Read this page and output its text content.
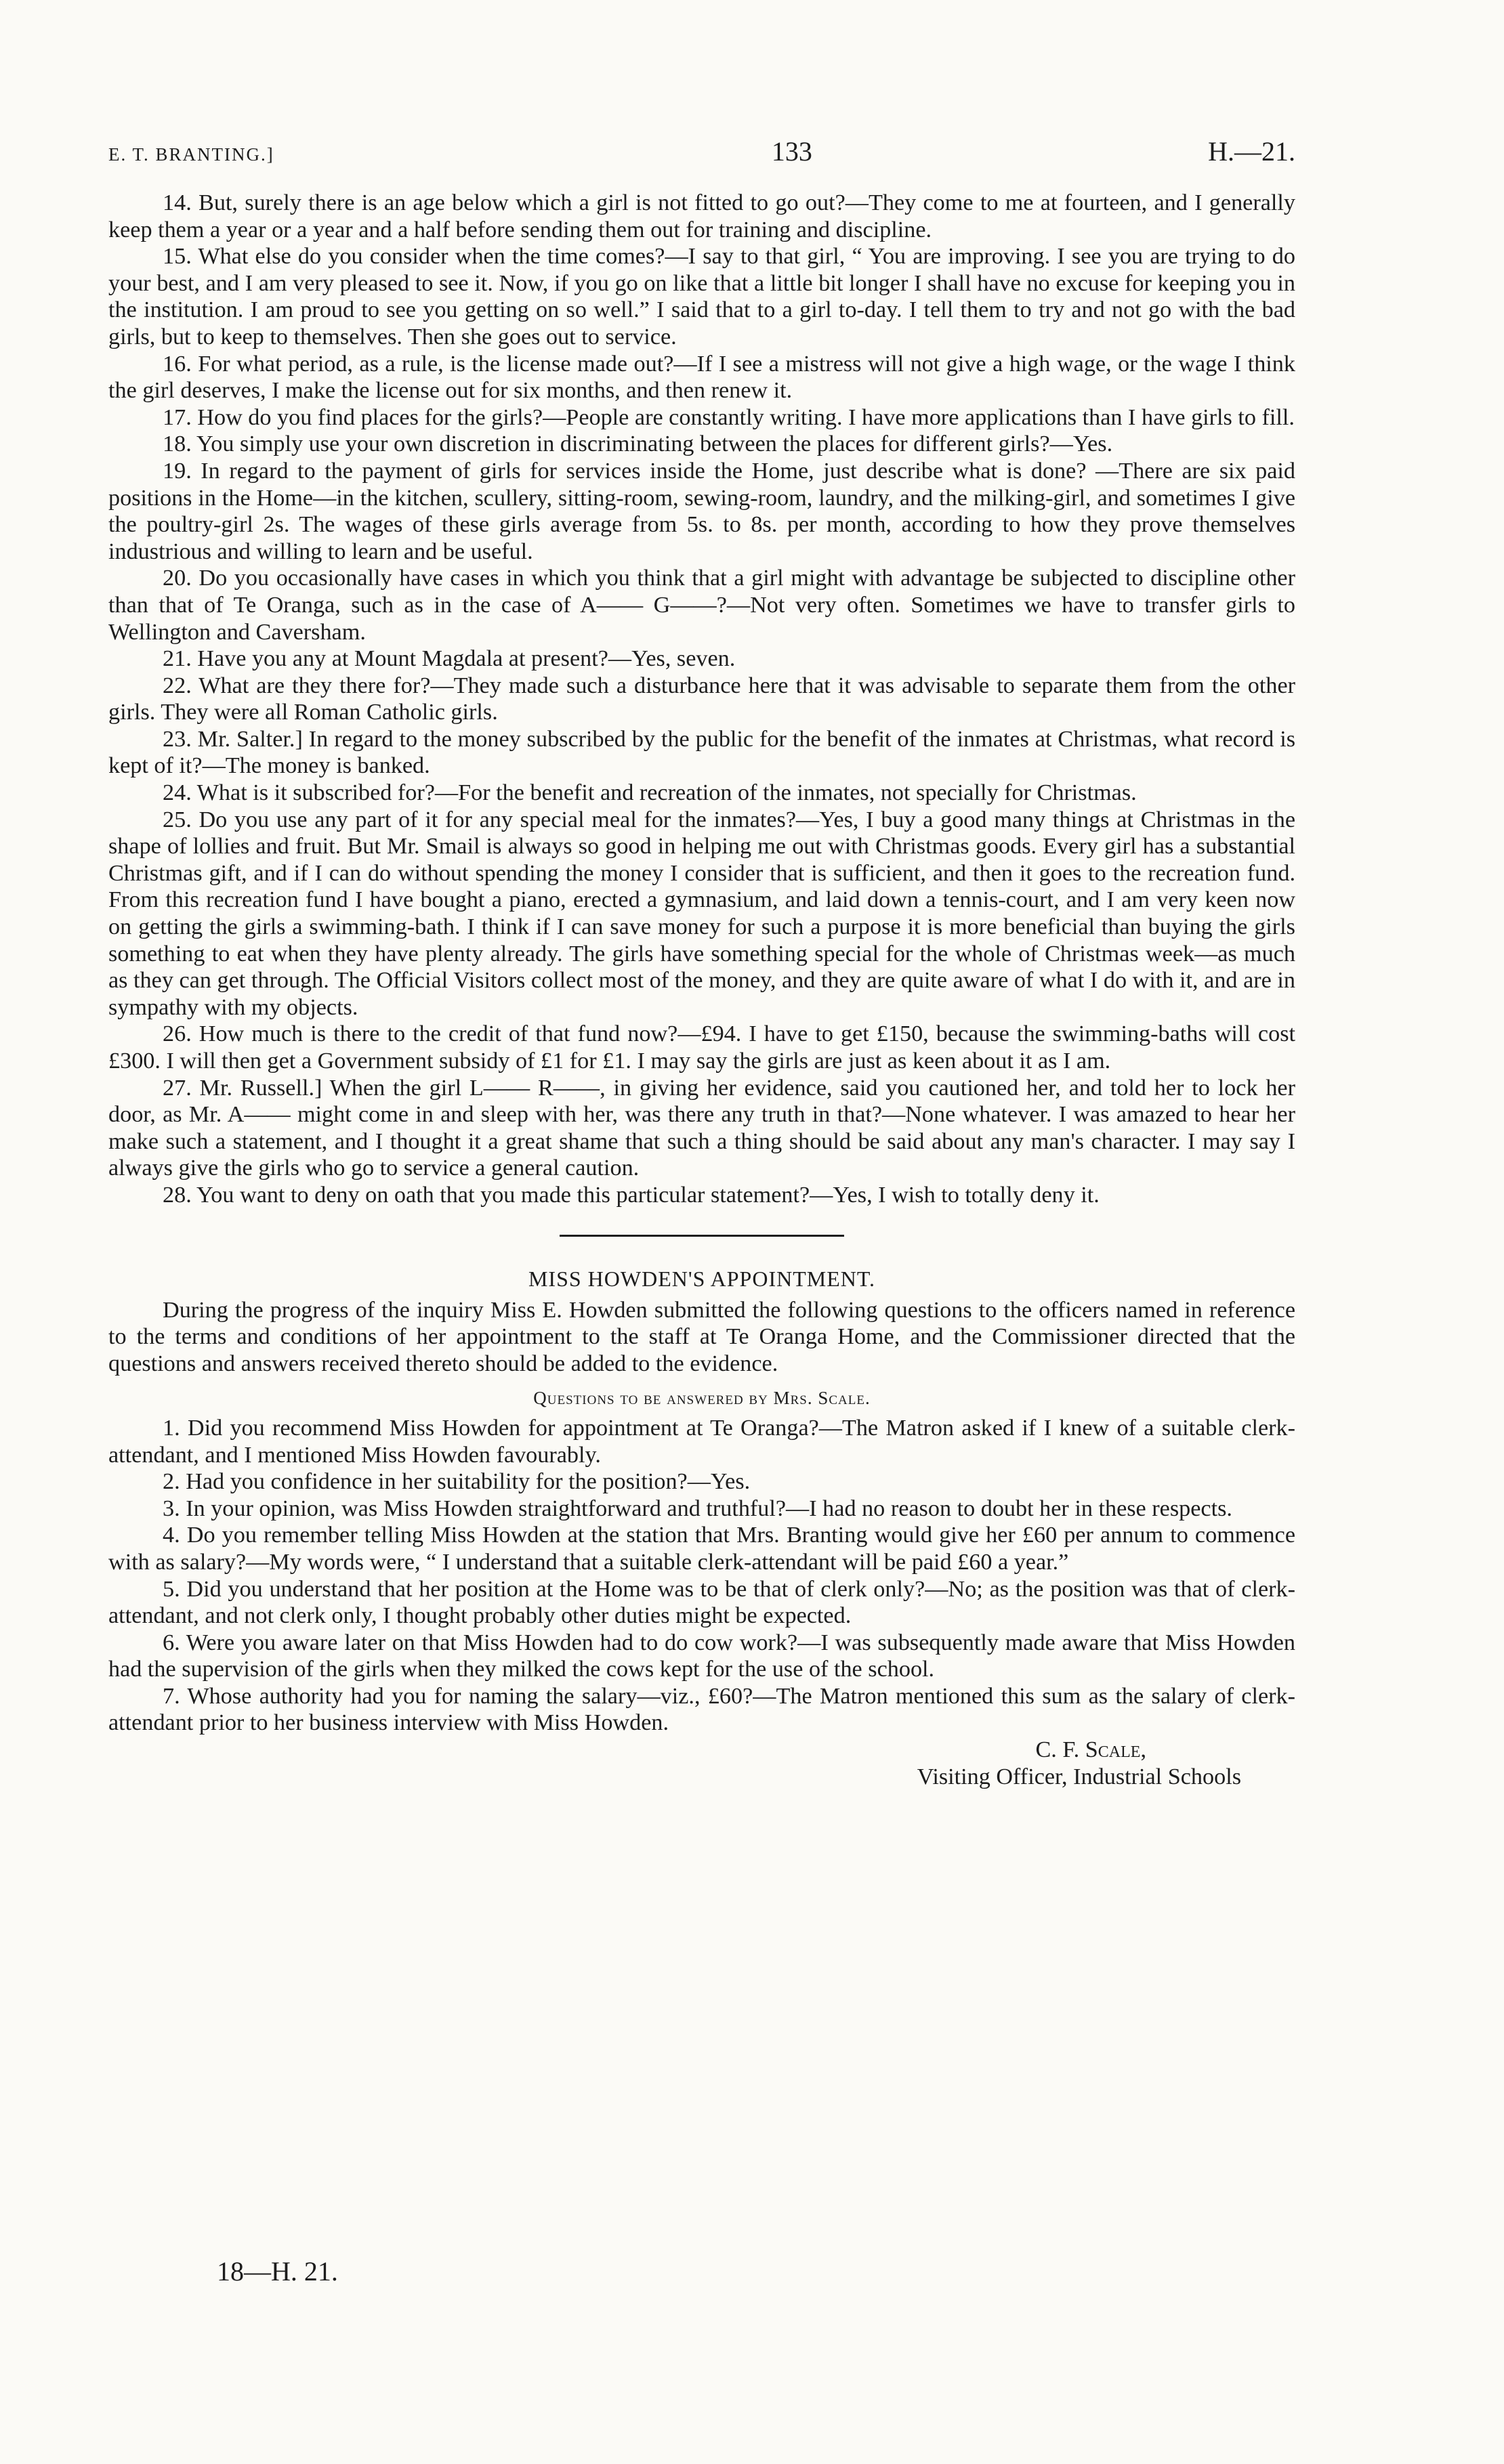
E. T. BRANTING.]	133	H.—21.

14. But, surely there is an age below which a girl is not fitted to go out?—They come to me at fourteen, and I generally keep them a year or a year and a half before sending them out for training and discipline.

15. What else do you consider when the time comes?—I say to that girl, “ You are improving. I see you are trying to do your best, and I am very pleased to see it. Now, if you go on like that a little bit longer I shall have no excuse for keeping you in the institution. I am proud to see you getting on so well.” I said that to a girl to-day. I tell them to try and not go with the bad girls, but to keep to themselves. Then she goes out to service.

16. For what period, as a rule, is the license made out?—If I see a mistress will not give a high wage, or the wage I think the girl deserves, I make the license out for six months, and then renew it.

17. How do you find places for the girls?—People are constantly writing. I have more applications than I have girls to fill.

18. You simply use your own discretion in discriminating between the places for different girls?—Yes.

19. In regard to the payment of girls for services inside the Home, just describe what is done? —There are six paid positions in the Home—in the kitchen, scullery, sitting-room, sewing-room, laundry, and the milking-girl, and sometimes I give the poultry-girl 2s. The wages of these girls average from 5s. to 8s. per month, according to how they prove themselves industrious and willing to learn and be useful.

20. Do you occasionally have cases in which you think that a girl might with advantage be subjected to discipline other than that of Te Oranga, such as in the case of A—— G——?—Not very often. Sometimes we have to transfer girls to Wellington and Caversham.

21. Have you any at Mount Magdala at present?—Yes, seven.

22. What are they there for?—They made such a disturbance here that it was advisable to separate them from the other girls. They were all Roman Catholic girls.

23. Mr. Salter.] In regard to the money subscribed by the public for the benefit of the inmates at Christmas, what record is kept of it?—The money is banked.

24. What is it subscribed for?—For the benefit and recreation of the inmates, not specially for Christmas.

25. Do you use any part of it for any special meal for the inmates?—Yes, I buy a good many things at Christmas in the shape of lollies and fruit. But Mr. Smail is always so good in helping me out with Christmas goods. Every girl has a substantial Christmas gift, and if I can do without spending the money I consider that is sufficient, and then it goes to the recreation fund. From this recreation fund I have bought a piano, erected a gymnasium, and laid down a tennis-court, and I am very keen now on getting the girls a swimming-bath. I think if I can save money for such a purpose it is more beneficial than buying the girls something to eat when they have plenty already. The girls have something special for the whole of Christmas week—as much as they can get through. The Official Visitors collect most of the money, and they are quite aware of what I do with it, and are in sympathy with my objects.

26. How much is there to the credit of that fund now?—£94. I have to get £150, because the swimming-baths will cost £300. I will then get a Government subsidy of £1 for £1. I may say the girls are just as keen about it as I am.

27. Mr. Russell.] When the girl L—— R——, in giving her evidence, said you cautioned her, and told her to lock her door, as Mr. A—— might come in and sleep with her, was there any truth in that?—None whatever. I was amazed to hear her make such a statement, and I thought it a great shame that such a thing should be said about any man's character. I may say I always give the girls who go to service a general caution.

28. You want to deny on oath that you made this particular statement?—Yes, I wish to totally deny it.

MISS HOWDEN'S APPOINTMENT.

During the progress of the inquiry Miss E. Howden submitted the following questions to the officers named in reference to the terms and conditions of her appointment to the staff at Te Oranga Home, and the Commissioner directed that the questions and answers received thereto should be added to the evidence.

Questions to be answered by Mrs. Scale.

1. Did you recommend Miss Howden for appointment at Te Oranga?—The Matron asked if I knew of a suitable clerk-attendant, and I mentioned Miss Howden favourably.

2. Had you confidence in her suitability for the position?—Yes.

3. In your opinion, was Miss Howden straightforward and truthful?—I had no reason to doubt her in these respects.

4. Do you remember telling Miss Howden at the station that Mrs. Branting would give her £60 per annum to commence with as salary?—My words were, “ I understand that a suitable clerk-attendant will be paid £60 a year.”

5. Did you understand that her position at the Home was to be that of clerk only?—No; as the position was that of clerk-attendant, and not clerk only, I thought probably other duties might be expected.

6. Were you aware later on that Miss Howden had to do cow work?—I was subsequently made aware that Miss Howden had the supervision of the girls when they milked the cows kept for the use of the school.

7. Whose authority had you for naming the salary—viz., £60?—The Matron mentioned this sum as the salary of clerk-attendant prior to her business interview with Miss Howden.

C. F. Scale,
Visiting Officer, Industrial Schools
18—H. 21.
